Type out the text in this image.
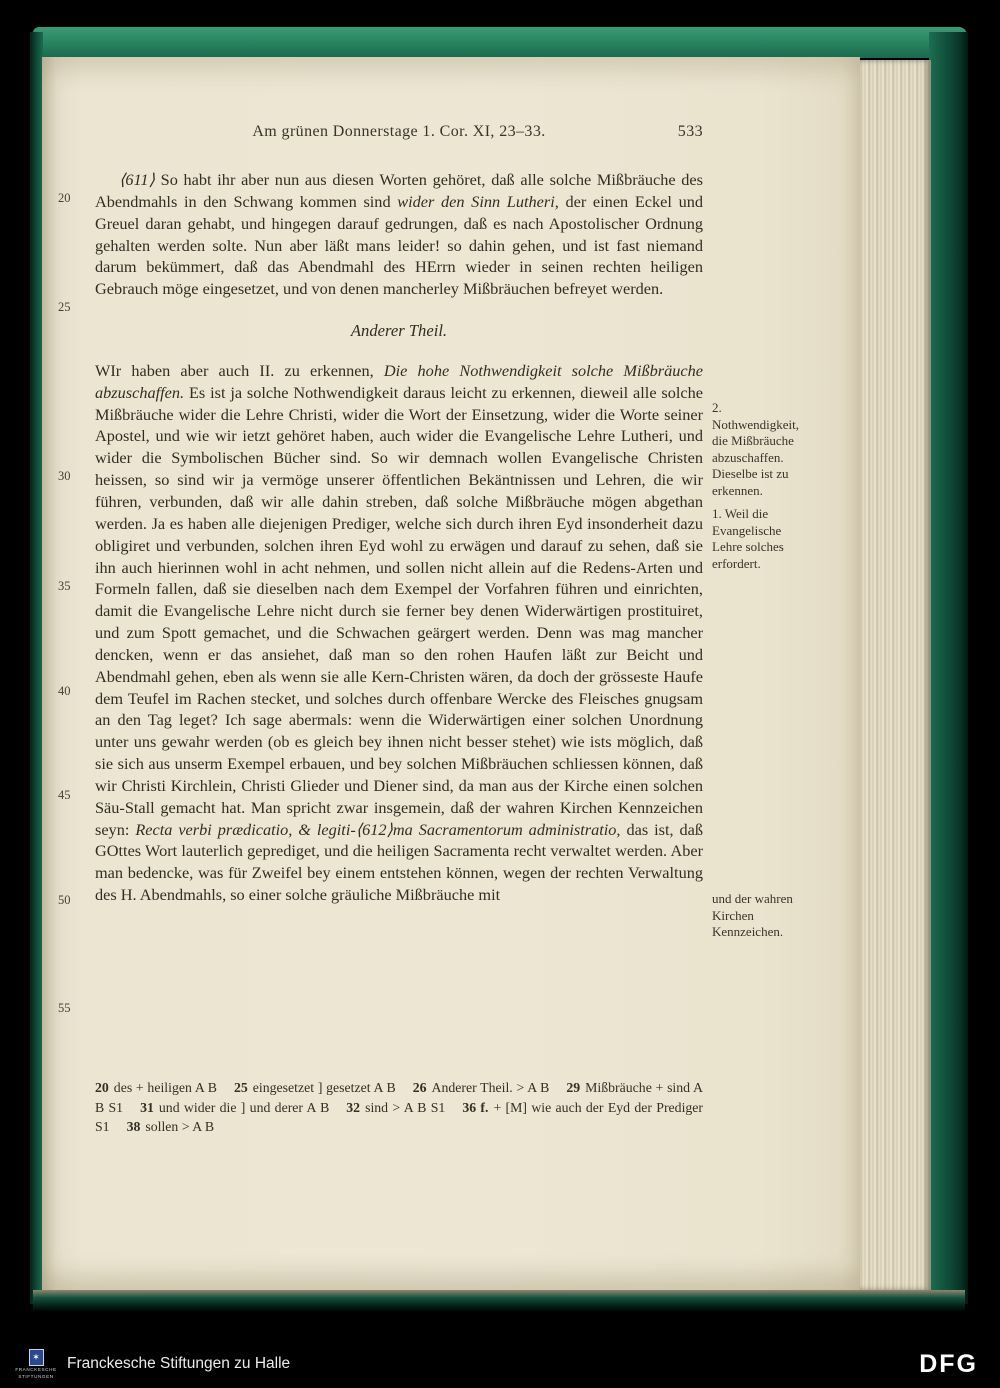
Am grünen Donnerstage 1. Cor. XI, 23–33.	533
20
25
30
35
40
45
50
55

⟨611⟩ So habt ihr aber nun aus diesen Worten gehöret, daß alle solche Mißbräuche des Abendmahls in den Schwang kommen sind wider den Sinn Lutheri, der einen Eckel und Greuel daran gehabt, und hingegen darauf gedrungen, daß es nach Apostolischer Ordnung gehalten werden solte. Nun aber läßt mans leider! so dahin gehen, und ist fast niemand darum bekümmert, daß das Abendmahl des HErrn wieder in seinen rechten heiligen Gebrauch möge eingesetzet, und von denen mancherley Mißbräuchen befreyet werden.

Anderer Theil.

WIr haben aber auch II. zu erkennen, Die hohe Nothwendigkeit solche Mißbräuche abzuschaffen. Es ist ja solche Nothwendigkeit daraus leicht zu erkennen, dieweil alle solche Mißbräuche wider die Lehre Christi, wider die Wort der Einsetzung, wider die Worte seiner Apostel, und wie wir ietzt gehöret haben, auch wider die Evangelische Lehre Lutheri, und wider die Symbolischen Bücher sind. So wir demnach wollen Evangelische Christen heissen, so sind wir ja vermöge unserer öffentlichen Bekäntnissen und Lehren, die wir führen, verbunden, daß wir alle dahin streben, daß solche Mißbräuche mögen abgethan werden. Ja es haben alle diejenigen Prediger, welche sich durch ihren Eyd insonderheit dazu obligiret und verbunden, solchen ihren Eyd wohl zu erwägen und darauf zu sehen, daß sie ihn auch hierinnen wohl in acht nehmen, und sollen nicht allein auf die Redens-Arten und Formeln fallen, daß sie dieselben nach dem Exempel der Vorfahren führen und einrichten, damit die Evangelische Lehre nicht durch sie ferner bey denen Widerwärtigen prostituiret, und zum Spott gemachet, und die Schwachen geärgert werden. Denn was mag mancher dencken, wenn er das ansiehet, daß man so den rohen Haufen läßt zur Beicht und Abendmahl gehen, eben als wenn sie alle Kern-Christen wären, da doch der grösseste Haufe dem Teufel im Rachen stecket, und solches durch offenbare Wercke des Fleisches gnugsam an den Tag leget? Ich sage abermals: wenn die Widerwärtigen einer solchen Unordnung unter uns gewahr werden (ob es gleich bey ihnen nicht besser stehet) wie ists möglich, daß sie sich aus unserm Exempel erbauen, und bey solchen Mißbräuchen schliessen können, daß wir Christi Kirchlein, Christi Glieder und Diener sind, da man aus der Kirche einen solchen Säu-Stall gemacht hat. Man spricht zwar insgemein, daß der wahren Kirchen Kennzeichen seyn: Recta verbi prædicatio, & legiti-⟨612⟩ma Sacramentorum administratio, das ist, daß GOttes Wort lauterlich geprediget, und die heiligen Sacramenta recht verwaltet werden. Aber man bedencke, was für Zweifel bey einem entstehen können, wegen der rechten Verwaltung des H. Abendmahls, so einer solche gräuliche Mißbräuche mit

2. Nothwendigkeit, die Mißbräuche abzuschaffen. Dieselbe ist zu erkennen.
1. Weil die Evangelische Lehre solches erfordert.
und der wahren Kirchen Kennzeichen.
20 des + heiligen A B 25 eingesetzet ] gesetzet A B 26 Anderer Theil. > A B 29 Mißbräuche + sind A B S1 31 und wider die ] und derer A B 32 sind > A B S1 36 f. + [M] wie auch der Eyd der Prediger S1 38 sollen > A B
✶
FRANCKESCHE
STIFTUNGEN
Franckesche Stiftungen zu Halle	DFG
